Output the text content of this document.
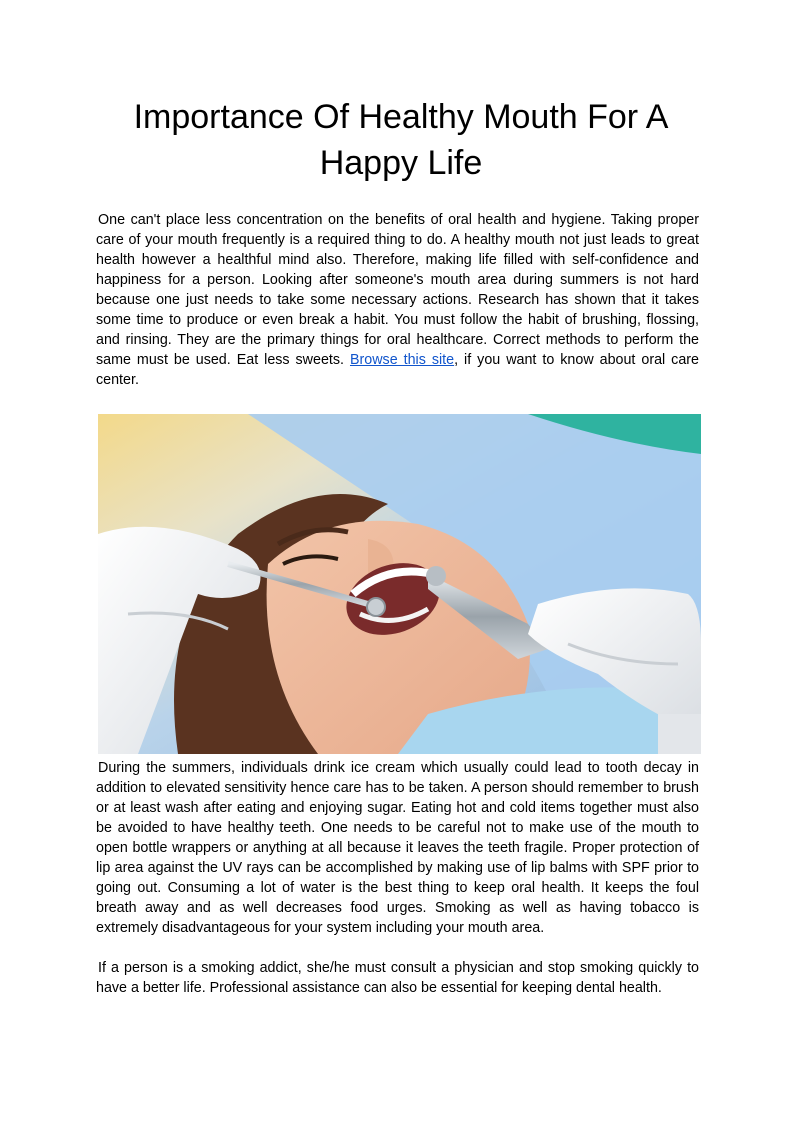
Importance Of Healthy Mouth For A Happy Life

One can't place less concentration on the benefits of oral health and hygiene. Taking proper care of your mouth frequently is a required thing to do. A healthy mouth not just leads to great health however a healthful mind also. Therefore, making life filled with self-confidence and happiness for a person. Looking after someone's mouth area during summers is not hard because one just needs to take some necessary actions. Research has shown that it takes some time to produce or even break a habit. You must follow the habit of brushing, flossing, and rinsing. They are the primary things for oral healthcare. Correct methods to perform the same must be used. Eat less sweets. Browse this site, if you want to know about oral care center.

During the summers, individuals drink ice cream which usually could lead to tooth decay in addition to elevated sensitivity hence care has to be taken. A person should remember to brush or at least wash after eating and enjoying sugar. Eating hot and cold items together must also be avoided to have healthy teeth. One needs to be careful not to make use of the mouth to open bottle wrappers or anything at all because it leaves the teeth fragile. Proper protection of lip area against the UV rays can be accomplished by making use of lip balms with SPF prior to going out. Consuming a lot of water is the best thing to keep oral health. It keeps the foul breath away and as well decreases food urges. Smoking as well as having tobacco is extremely disadvantageous for your system including your mouth area.

If a person is a smoking addict, she/he must consult a physician and stop smoking quickly to have a better life. Professional assistance can also be essential for keeping dental health.
